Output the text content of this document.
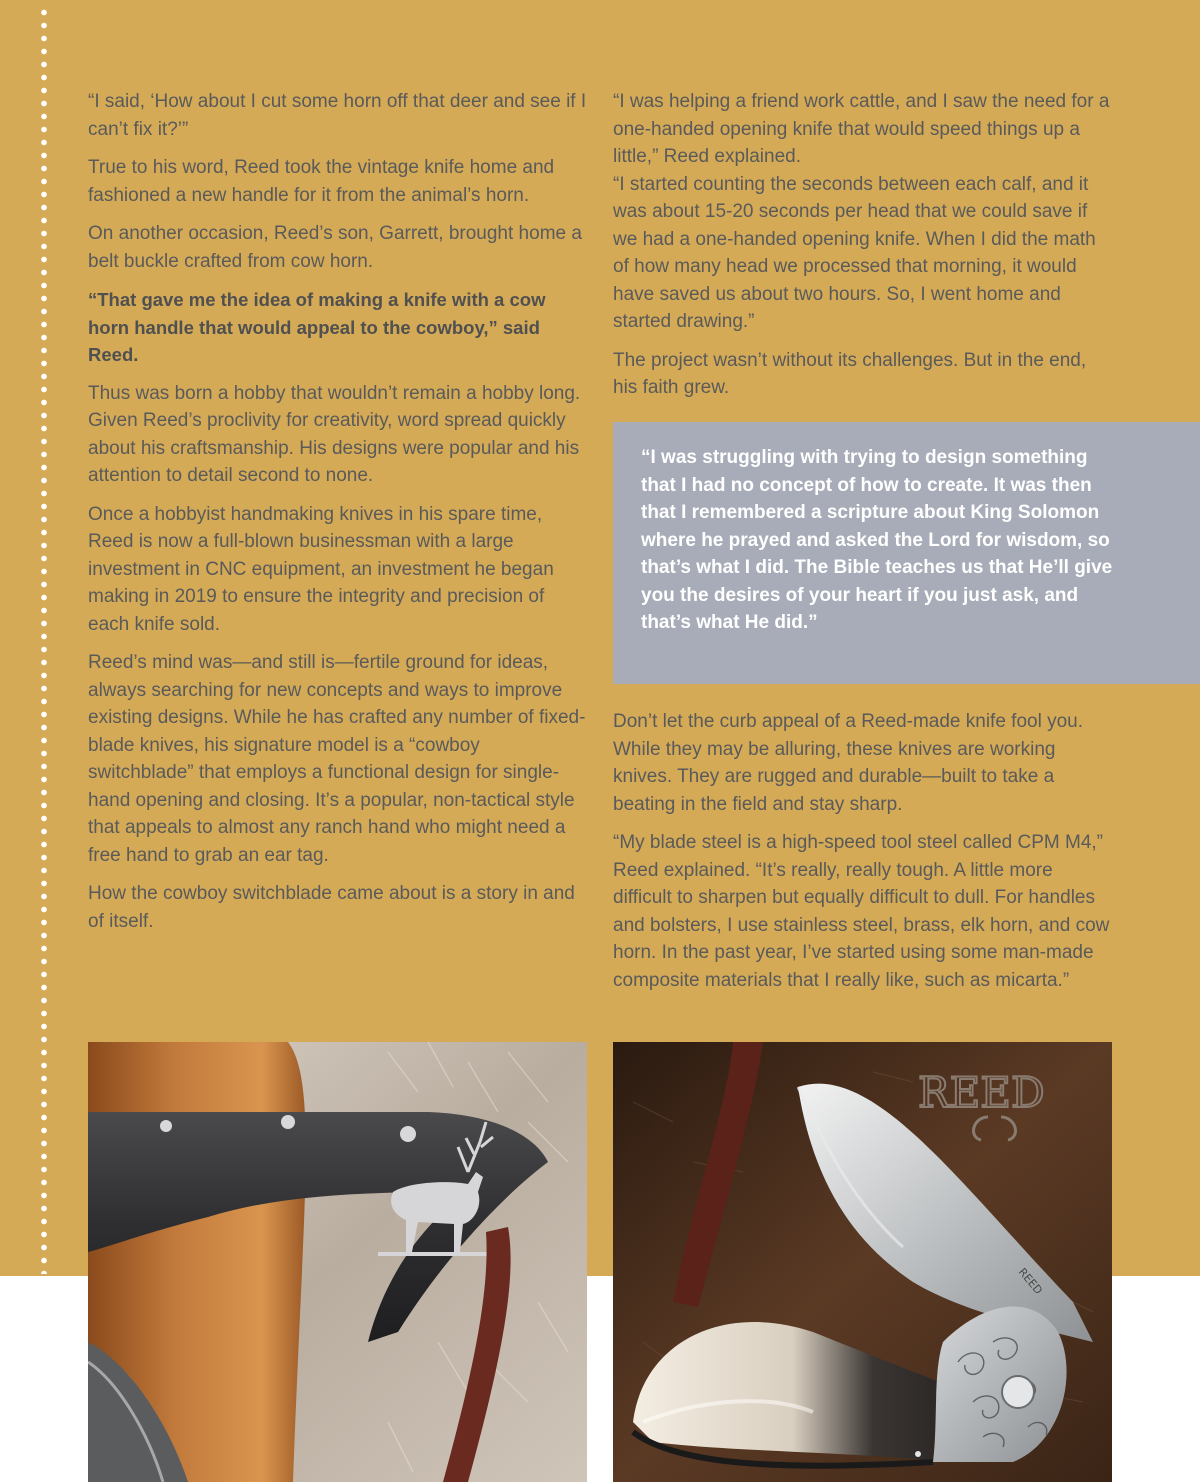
“I said, ‘How about I cut some horn off that deer and see if I can’t fix it?’”

True to his word, Reed took the vintage knife home and fashioned a new handle for it from the animal’s horn.

On another occasion, Reed’s son, Garrett, brought home a belt buckle crafted from cow horn.

“That gave me the idea of making a knife with a cow horn handle that would appeal to the cowboy,” said Reed.

Thus was born a hobby that wouldn’t remain a hobby long. Given Reed’s proclivity for creativity, word spread quickly about his craftsmanship. His designs were popular and his attention to detail second to none.

Once a hobbyist handmaking knives in his spare time, Reed is now a full-blown businessman with a large investment in CNC equipment, an investment he began making in 2019 to ensure the integrity and precision of each knife sold.

Reed’s mind was—and still is—fertile ground for ideas, always searching for new concepts and ways to improve existing designs. While he has crafted any number of fixed-blade knives, his signature model is a “cowboy switchblade” that employs a functional design for single-hand opening and closing. It’s a popular, non-tactical style that appeals to almost any ranch hand who might need a free hand to grab an ear tag.

How the cowboy switchblade came about is a story in and of itself.

“I was helping a friend work cattle, and I saw the need for a one-handed opening knife that would speed things up a little,” Reed explained.

“I started counting the seconds between each calf, and it was about 15-20 seconds per head that we could save if we had a one-handed opening knife. When I did the math of how many head we processed that morning, it would have saved us about two hours. So, I went home and started drawing.”

The project wasn’t without its challenges. But in the end, his faith grew.

“I was struggling with trying to design something that I had no concept of how to create. It was then that I remembered a scripture about King Solomon where he prayed and asked the Lord for wisdom, so that’s what I did. The Bible teaches us that He’ll give you the desires of your heart if you just ask, and that’s what He did.”

Don’t let the curb appeal of a Reed-made knife fool you. While they may be alluring, these knives are working knives. They are rugged and durable—built to take a beating in the field and stay sharp.

“My blade steel is a high-speed tool steel called CPM M4,” Reed explained. “It’s really, really tough. A little more difficult to sharpen but equally difficult to dull. For handles and bolsters, I use stainless steel, brass, elk horn, and cow horn. In the past year, I’ve started using some man-made composite materials that I really like, such as micarta.”

REED
REED
